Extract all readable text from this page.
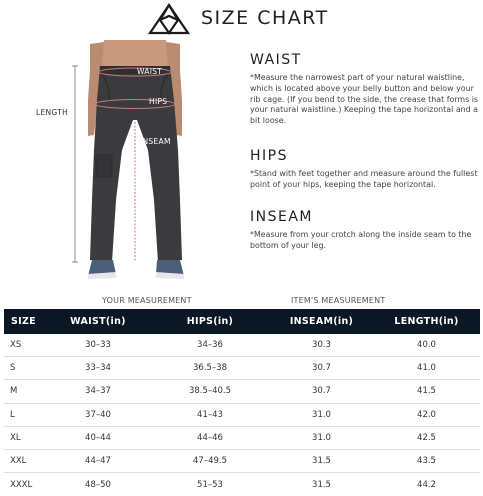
SIZE CHART
WAIST
HIPS
INSEAM
LENGTH
WAIST

*Measure the narrowest part of your natural waistline, which is located above your belly button and below your rib cage. (If you bend to the side, the crease that forms is your natural waistline.) Keeping the tape horizontal and a bit loose.

HIPS

*Stand with feet together and measure around the fullest point of your hips, keeping the tape horizontal.

INSEAM

*Measure from your crotch along the inside seam to the bottom of your leg.

YOUR MEASUREMENT	ITEM'S MEASUREMENT
SIZE	WAIST(in)	HIPS(in)	INSEAM(in)	LENGTH(in)
XS	30–33	34–36	30.3	40.0
S	33–34	36.5–38	30.7	41.0
M	34–37	38.5–40.5	30.7	41.5
L	37–40	41–43	31.0	42.0
XL	40–44	44–46	31.0	42.5
XXL	44–47	47–49.5	31.5	43.5
XXXL	48–50	51–53	31.5	44.2
